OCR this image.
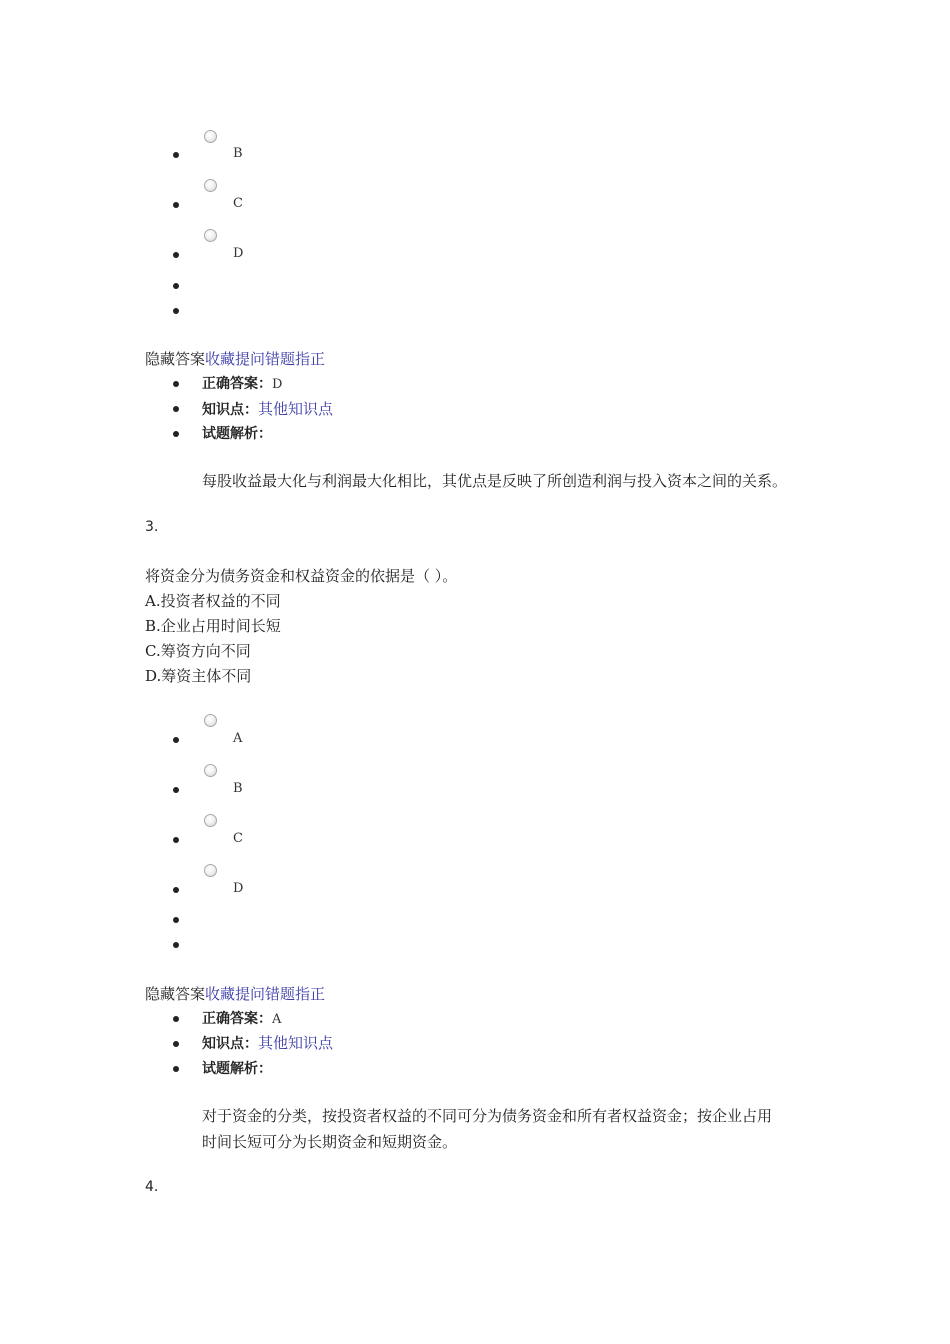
B
C
D
隐藏答案收藏提问错题指正
正确答案：D
知识点：其他知识点
试题解析：
每股收益最大化与利润最大化相比，其优点是反映了所创造利润与投入资本之间的关系。
3.
将资金分为债务资金和权益资金的依据是（ ）。
A.投资者权益的不同
B.企业占用时间长短
C.筹资方向不同
D.筹资主体不同
A
B
C
D
隐藏答案收藏提问错题指正
正确答案：A
知识点：其他知识点
试题解析：
对于资金的分类，按投资者权益的不同可分为债务资金和所有者权益资金；按企业占用
时间长短可分为长期资金和短期资金。
4.
